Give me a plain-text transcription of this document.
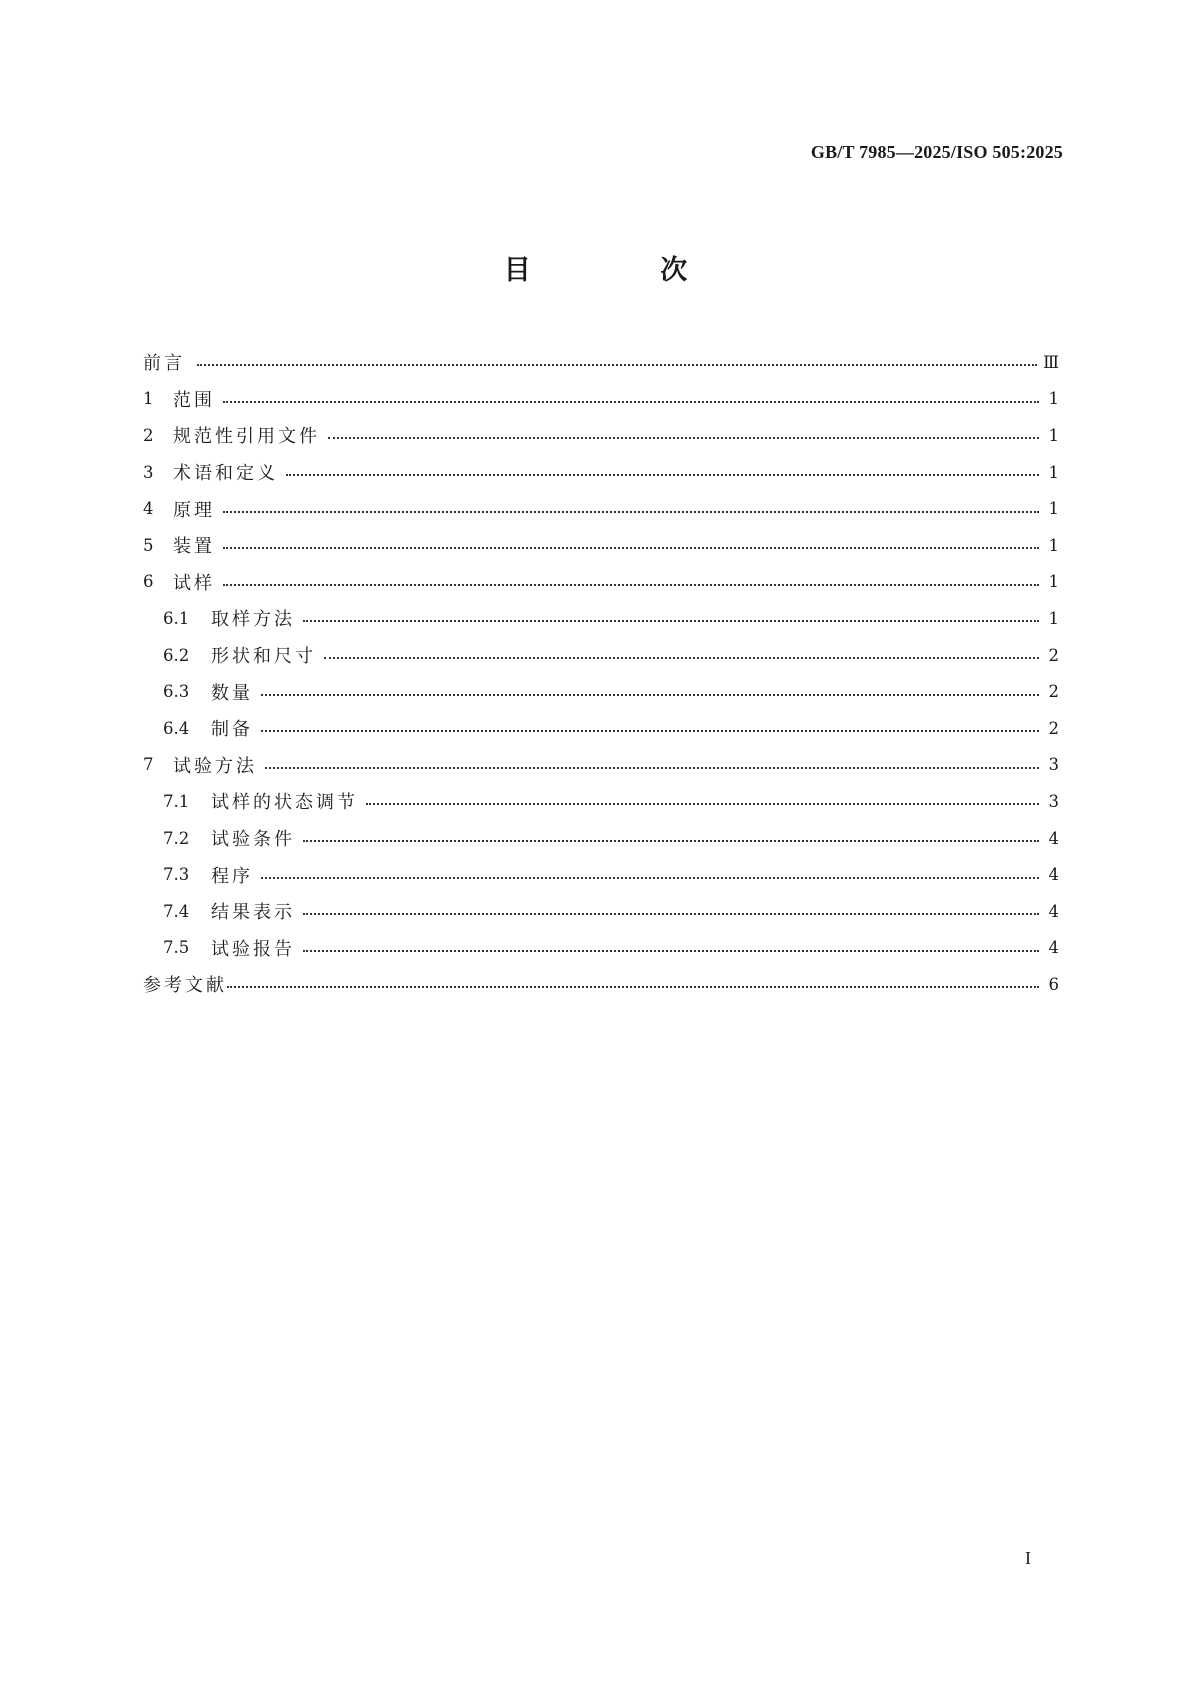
GB/T 7985—2025/ISO 505:2025
目 次
前言	Ⅲ
1	范围	1
2	规范性引用文件	1
3	术语和定义	1
4	原理	1
5	装置	1
6	试样	1
6.1	取样方法	1
6.2	形状和尺寸	2
6.3	数量	2
6.4	制备	2
7	试验方法	3
7.1	试样的状态调节	3
7.2	试验条件	4
7.3	程序	4
7.4	结果表示	4
7.5	试验报告	4
参考文献	6
I
